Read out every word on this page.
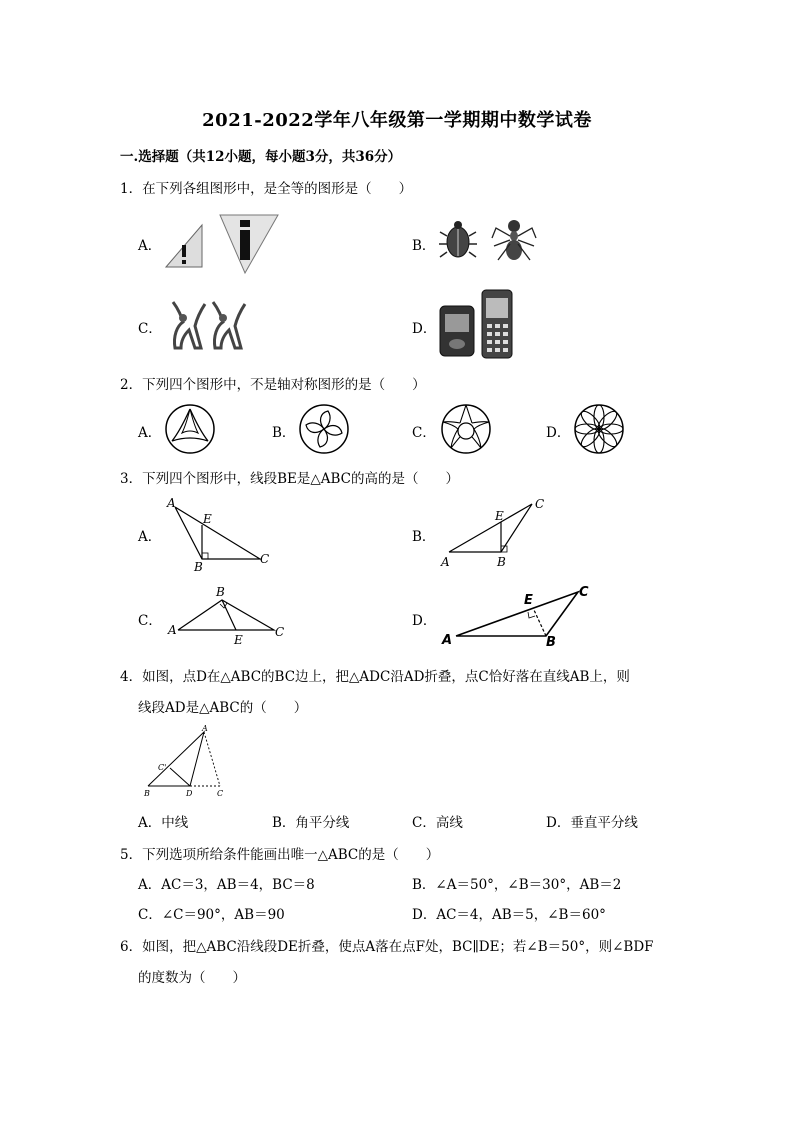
2021-2022学年八年级第一学期期中数学试卷
一.选择题（共12小题，每小题3分，共36分）
1．在下列各组图形中，是全等的图形是（　　）
A．	B．
C．	D．
2．下列四个图形中，不是轴对称图形的是（　　）
A．	B．	C．	D．
3．下列四个图形中，线段BE是△ABC的高的是（　　）
A．
A
E
B
C
B．
A
E
B
C
C．
B
A
E
C
D．
A
E
B
C
4．如图，点D在△ABC的BC边上，把△ADC沿AD折叠，点C恰好落在直线AB上，则
线段AD是△ABC的（　　）
A
C'
B	D	C
A．中线	B．角平分线	C．高线	D．垂直平分线
5．下列选项所给条件能画出唯一△ABC的是（　　）
A．AC＝3，AB＝4，BC＝8	B．∠A＝50°，∠B＝30°，AB＝2
C．∠C＝90°，AB＝90	D．AC＝4，AB＝5，∠B＝60°
6．如图，把△ABC沿线段DE折叠，使点A落在点F处，BC∥DE；若∠B＝50°，则∠BDF
的度数为（　　）
